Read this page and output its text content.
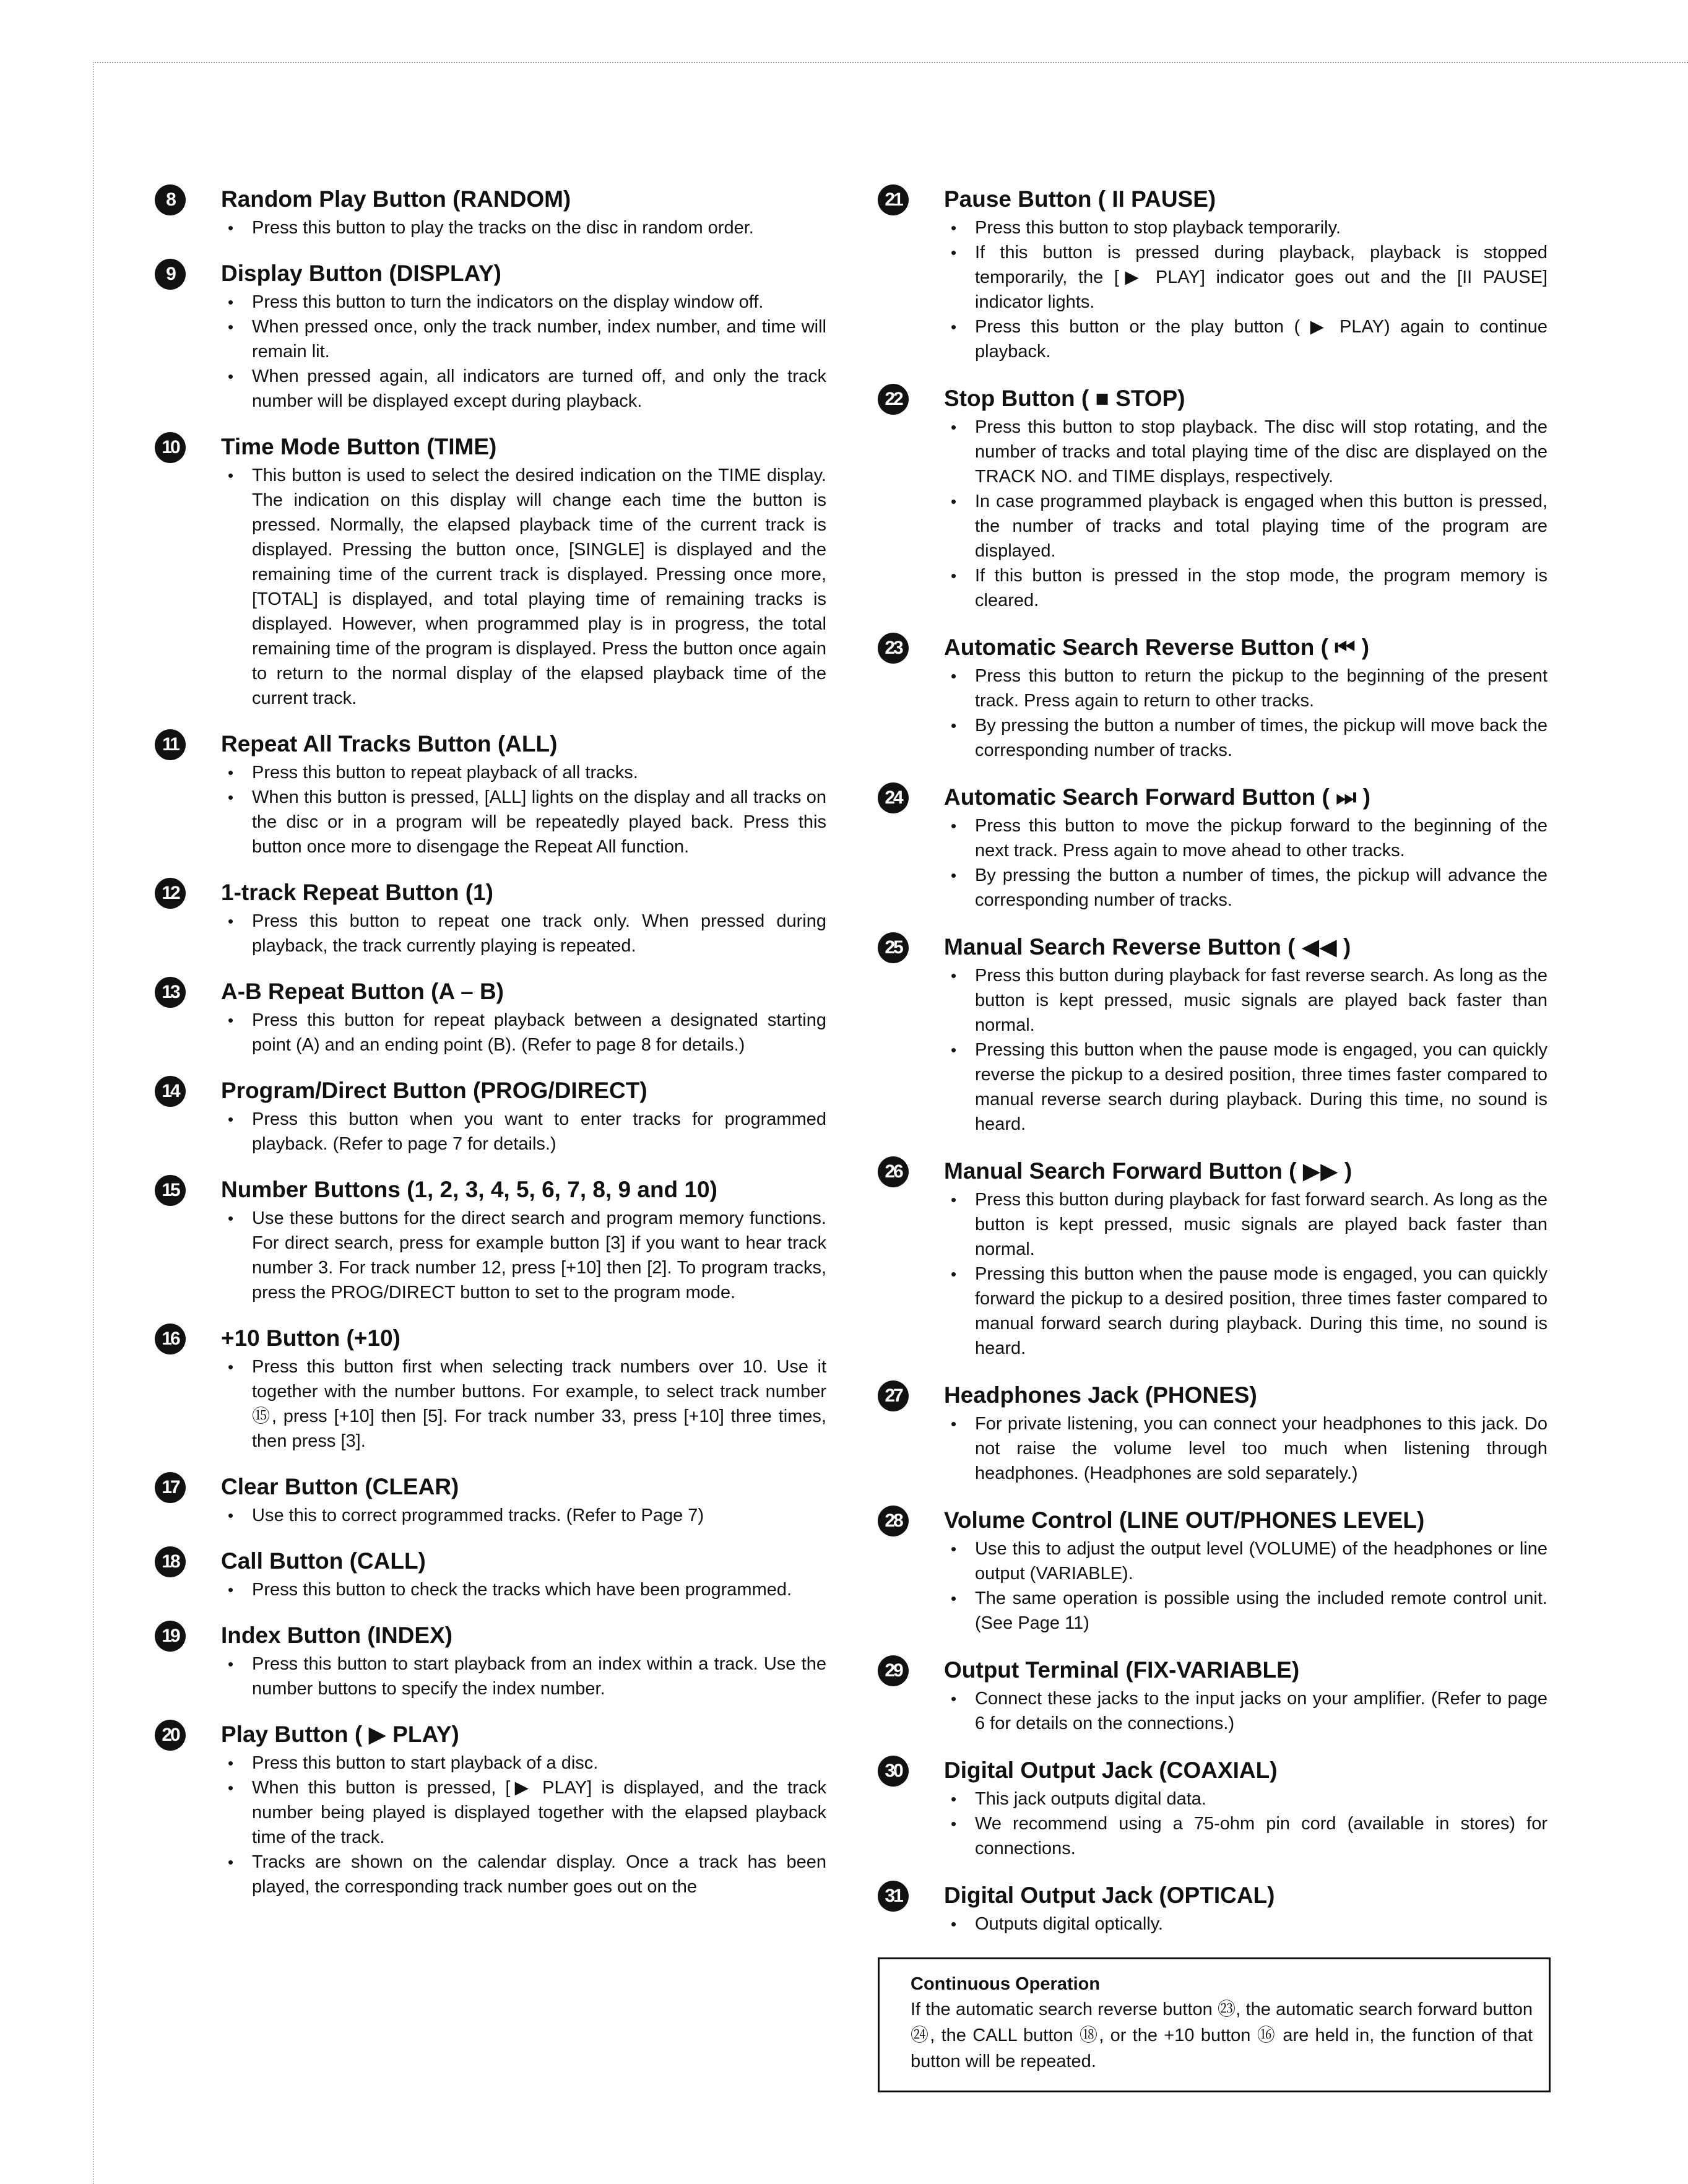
8	Random Play Button (RANDOM)
• Press this button to play the tracks on the disc in random order.
9	Display Button (DISPLAY)
• Press this button to turn the indicators on the display window off.
• When pressed once, only the track number, index number, and time will remain lit.
• When pressed again, all indicators are turned off, and only the track number will be displayed except during playback.
10	Time Mode Button (TIME)
• This button is used to select the desired indication on the TIME display. The indication on this display will change each time the button is pressed. Normally, the elapsed playback time of the current track is displayed. Pressing the button once, [SINGLE] is displayed and the remaining time of the current track is displayed. Pressing once more, [TOTAL] is displayed, and total playing time of remaining tracks is displayed. However, when programmed play is in progress, the total remaining time of the program is displayed. Press the button once again to return to the normal display of the elapsed playback time of the current track.
11	Repeat All Tracks Button (ALL)
• Press this button to repeat playback of all tracks.
• When this button is pressed, [ALL] lights on the display and all tracks on the disc or in a program will be repeatedly played back. Press this button once more to disengage the Repeat All function.
12	1-track Repeat Button (1)
• Press this button to repeat one track only. When pressed during playback, the track currently playing is repeated.
13	A-B Repeat Button (A – B)
• Press this button for repeat playback between a designated starting point (A) and an ending point (B). (Refer to page 8 for details.)
14	Program/Direct Button (PROG/DIRECT)
• Press this button when you want to enter tracks for programmed playback. (Refer to page 7 for details.)
15	Number Buttons (1, 2, 3, 4, 5, 6, 7, 8, 9 and 10)
• Use these buttons for the direct search and program memory functions. For direct search, press for example button [3] if you want to hear track number 3. For track number 12, press [+10] then [2]. To program tracks, press the PROG/DIRECT button to set to the program mode.
16	+10 Button (+10)
• Press this button first when selecting track numbers over 10. Use it together with the number buttons. For example, to select track number ⑮, press [+10] then [5]. For track number 33, press [+10] three times, then press [3].
17	Clear Button (CLEAR)
• Use this to correct programmed tracks. (Refer to Page 7)
18	Call Button (CALL)
• Press this button to check the tracks which have been programmed.
19	Index Button (INDEX)
• Press this button to start playback from an index within a track. Use the number buttons to specify the index number.
20	Play Button ( ▶ PLAY)
• Press this button to start playback of a disc.
• When this button is pressed, [▶ PLAY] is displayed, and the track number being played is displayed together with the elapsed playback time of the track.
• Tracks are shown on the calendar display. Once a track has been played, the corresponding track number goes out on the
21	Pause Button ( II PAUSE)
• Press this button to stop playback temporarily.
• If this button is pressed during playback, playback is stopped temporarily, the [▶ PLAY] indicator goes out and the [II PAUSE] indicator lights.
• Press this button or the play button ( ▶ PLAY) again to continue playback.
22	Stop Button ( ■ STOP)
• Press this button to stop playback. The disc will stop rotating, and the number of tracks and total playing time of the disc are displayed on the TRACK NO. and TIME displays, respectively.
• In case programmed playback is engaged when this button is pressed, the number of tracks and total playing time of the program are displayed.
• If this button is pressed in the stop mode, the program memory is cleared.
23	Automatic Search Reverse Button ( ⏮ )
• Press this button to return the pickup to the beginning of the present track. Press again to return to other tracks.
• By pressing the button a number of times, the pickup will move back the corresponding number of tracks.
24	Automatic Search Forward Button ( ⏭ )
• Press this button to move the pickup forward to the beginning of the next track. Press again to move ahead to other tracks.
• By pressing the button a number of times, the pickup will advance the corresponding number of tracks.
25	Manual Search Reverse Button ( ◀◀ )
• Press this button during playback for fast reverse search. As long as the button is kept pressed, music signals are played back faster than normal.
• Pressing this button when the pause mode is engaged, you can quickly reverse the pickup to a desired position, three times faster compared to manual reverse search during playback. During this time, no sound is heard.
26	Manual Search Forward Button ( ▶▶ )
• Press this button during playback for fast forward search. As long as the button is kept pressed, music signals are played back faster than normal.
• Pressing this button when the pause mode is engaged, you can quickly forward the pickup to a desired position, three times faster compared to manual forward search during playback. During this time, no sound is heard.
27	Headphones Jack (PHONES)
• For private listening, you can connect your headphones to this jack. Do not raise the volume level too much when listening through headphones. (Headphones are sold separately.)
28	Volume Control (LINE OUT/PHONES LEVEL)
• Use this to adjust the output level (VOLUME) of the headphones or line output (VARIABLE).
• The same operation is possible using the included remote control unit. (See Page 11)
29	Output Terminal (FIX-VARIABLE)
• Connect these jacks to the input jacks on your amplifier. (Refer to page 6 for details on the connections.)
30	Digital Output Jack (COAXIAL)
• This jack outputs digital data.
• We recommend using a 75-ohm pin cord (available in stores) for connections.
31	Digital Output Jack (OPTICAL)
• Outputs digital optically.
Continuous Operation
If the automatic search reverse button ㉓, the automatic search forward button ㉔, the CALL button ⑱, or the +10 button ⑯ are held in, the function of that button will be repeated.
